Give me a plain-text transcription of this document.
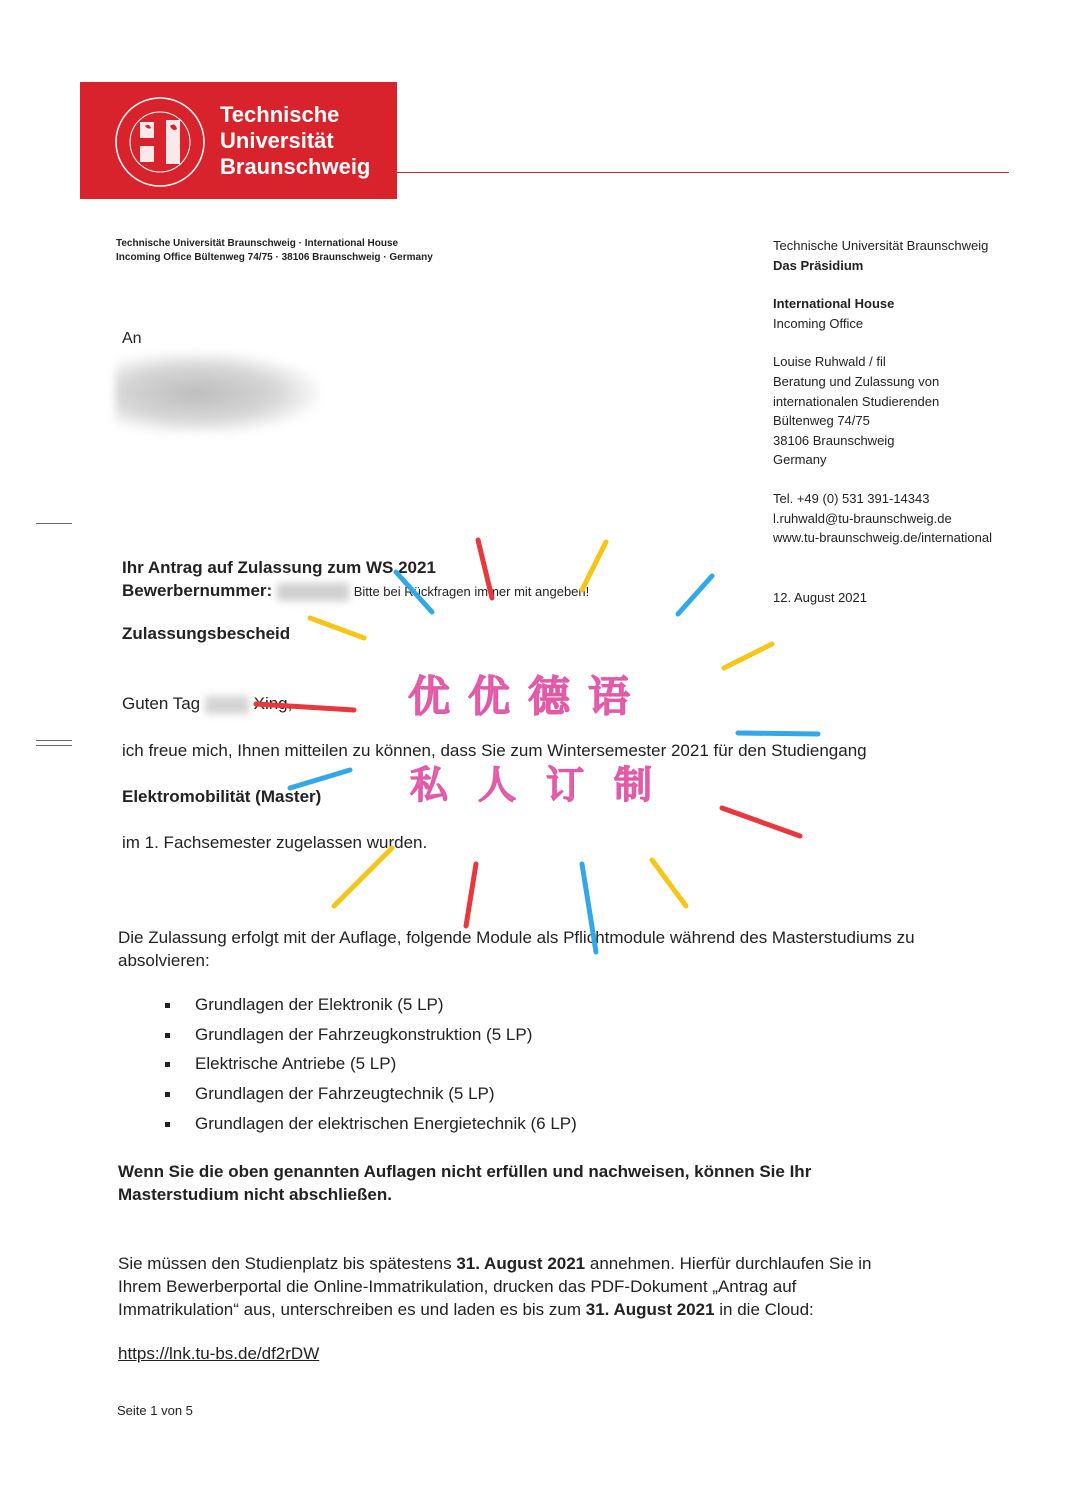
Technische
Universität
Braunschweig
Technische Universität Braunschweig · International House
Incoming Office Bültenweg 74/75 · 38106 Braunschweig · Germany
An
Technische Universität Braunschweig
Das Präsidium
International House
Incoming Office
Louise Ruhwald / fil
Beratung und Zulassung von
internationalen Studierenden
Bültenweg 74/75
38106 Braunschweig
Germany
Tel. +49 (0) 531 391-14343
l.ruhwald@tu-braunschweig.de
www.tu-braunschweig.de/international
12. August 2021
Ihr Antrag auf Zulassung zum WS 2021
Bewerbernummer:	Bitte bei Rückfragen immer mit angeben!
Zulassungsbescheid
Guten Tag	Xing,
ich freue mich, Ihnen mitteilen zu können, dass Sie zum Wintersemester 2021 für den Studiengang
Elektromobilität (Master)
im 1. Fachsemester zugelassen wurden.
Die Zulassung erfolgt mit der Auflage, folgende Module als Pflichtmodule während des Masterstudiums zu absolvieren:
Grundlagen der Elektronik (5 LP)
Grundlagen der Fahrzeugkonstruktion (5 LP)
Elektrische Antriebe (5 LP)
Grundlagen der Fahrzeugtechnik (5 LP)
Grundlagen der elektrischen Energietechnik (6 LP)
Wenn Sie die oben genannten Auflagen nicht erfüllen und nachweisen, können Sie Ihr Masterstudium nicht abschließen.
Sie müssen den Studienplatz bis spätestens 31. August 2021 annehmen. Hierfür durchlaufen Sie in Ihrem Bewerberportal die Online-Immatrikulation, drucken das PDF-Dokument „Antrag auf Immatrikulation“ aus, unterschreiben es und laden es bis zum 31. August 2021 in die Cloud:
https://lnk.tu-bs.de/df2rDW
Seite 1 von 5
优优德语
私人订制
